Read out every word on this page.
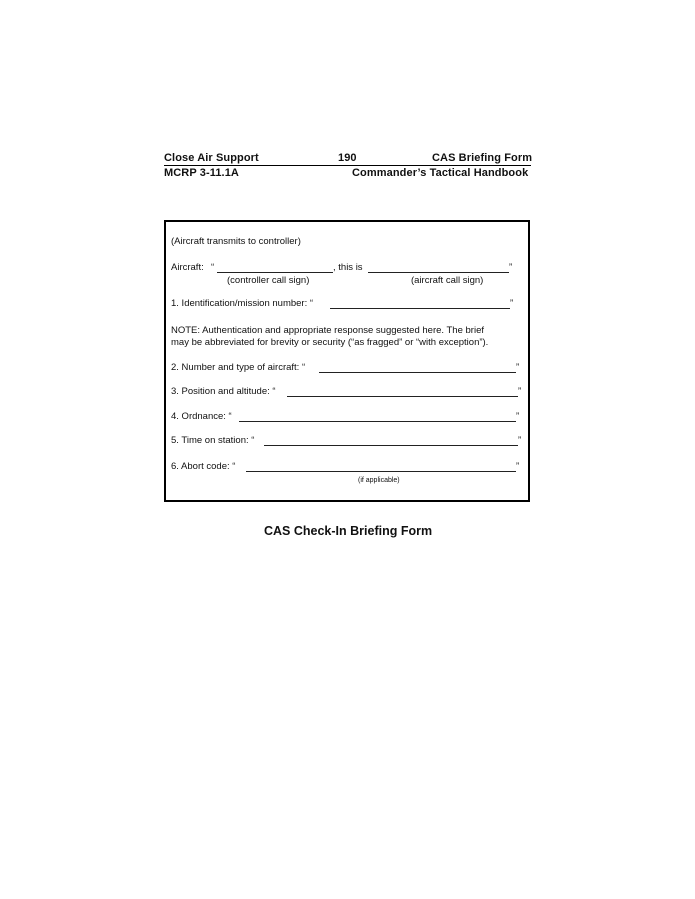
Close Air Support	190	CAS Briefing Form
MCRP 3-11.1A	Commander’s Tactical Handbook
(Aircraft transmits to controller)
Aircraft: “	, this is	”
(controller call sign)	(aircraft call sign)
1. Identification/mission number: “	”
NOTE: Authentication and appropriate response suggested here. The brief
may be abbreviated for brevity or security (“as fragged” or “with exception”).
2. Number and type of aircraft: “	”
3. Position and altitude: “	”
4. Ordnance: “	”
5. Time on station: “	”
6. Abort code: “	”
(if applicable)
CAS Check-In Briefing Form
